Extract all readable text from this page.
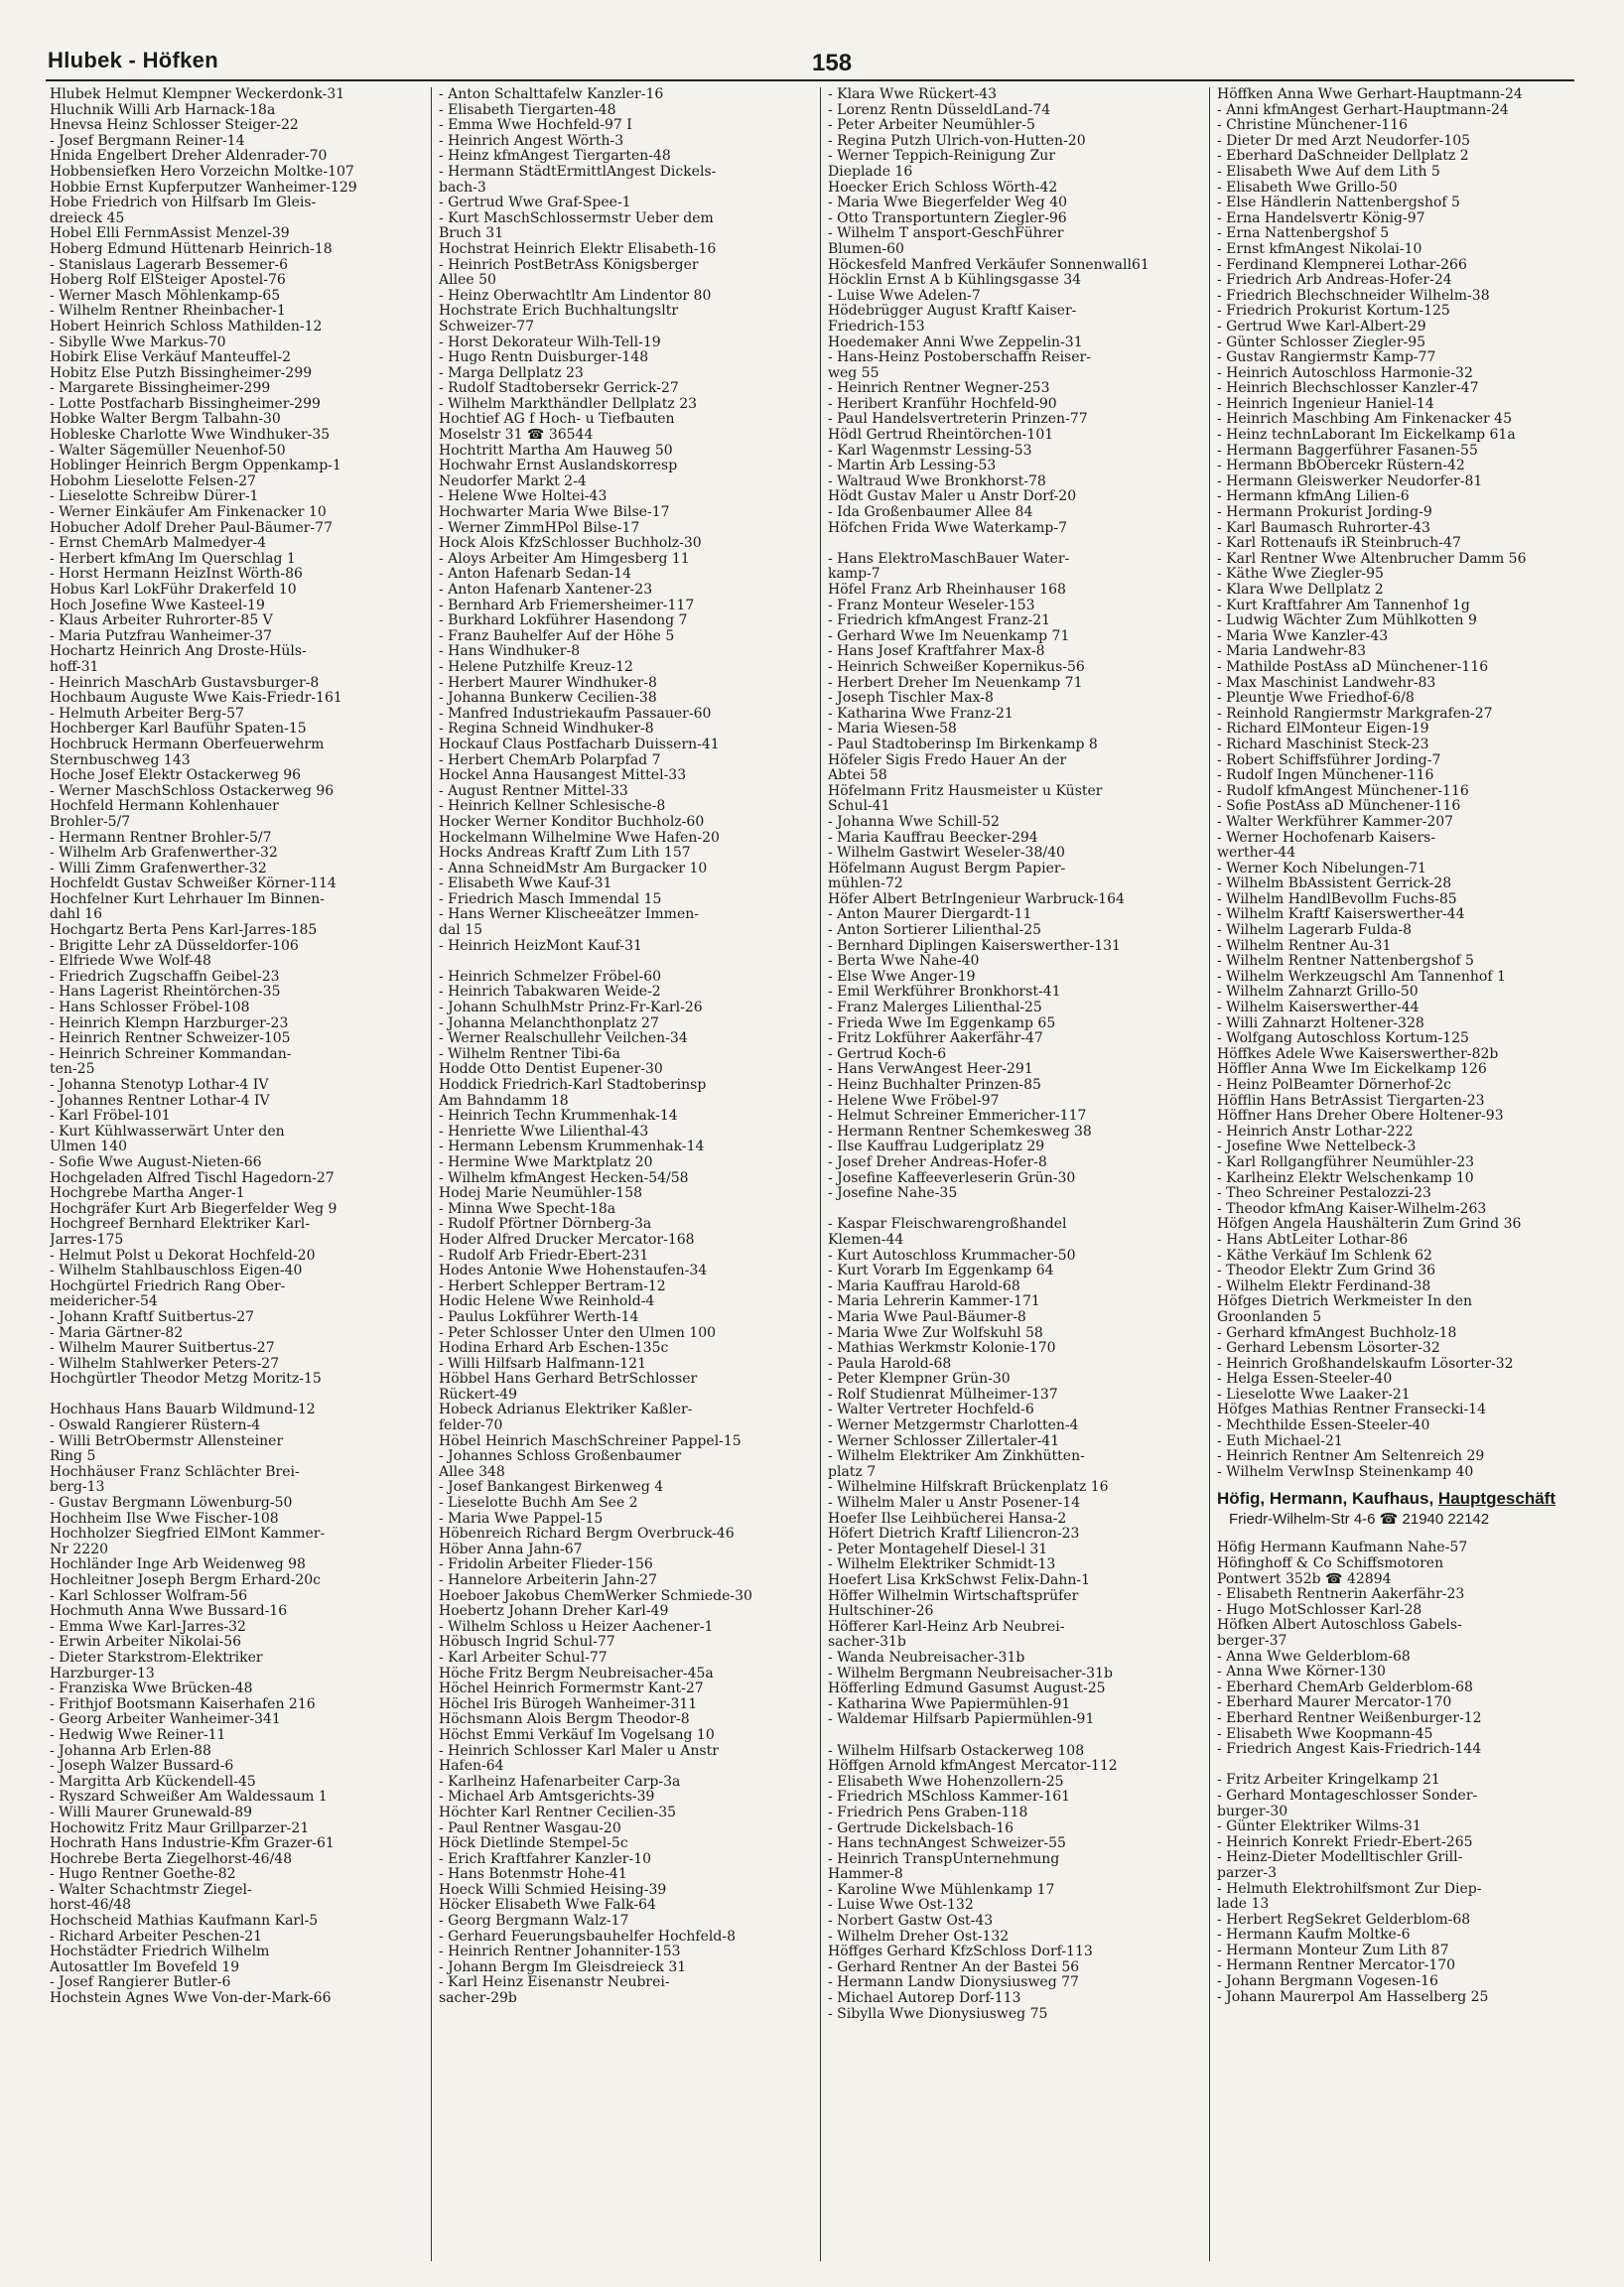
Hlubek - Höfken	158
Hlubek Helmut Klempner Weckerdonk-31
Hluchnik Willi Arb Harnack-18a
Hnevsa Heinz Schlosser Steiger-22
- Josef Bergmann Reiner-14
Hnida Engelbert Dreher Aldenrader-70
Hobbensiefken Hero Vorzeichn Moltke-107
Hobbie Ernst Kupferputzer Wanheimer-129
Hobe Friedrich von Hilfsarb Im Gleis-
dreieck 45
Hobel Elli FernmAssist Menzel-39
Hoberg Edmund Hüttenarb Heinrich-18
- Stanislaus Lagerarb Bessemer-6
Hoberg Rolf ElSteiger Apostel-76
- Werner Masch Möhlenkamp-65
- Wilhelm Rentner Rheinbacher-1
Hobert Heinrich Schloss Mathilden-12
- Sibylle Wwe Markus-70
Hobirk Elise Verkäuf Manteuffel-2
Hobitz Else Putzh Bissingheimer-299
- Margarete Bissingheimer-299
- Lotte Postfacharb Bissingheimer-299
Hobke Walter Bergm Talbahn-30
Hobleske Charlotte Wwe Windhuker-35
- Walter Sägemüller Neuenhof-50
Hoblinger Heinrich Bergm Oppenkamp-1
Hobohm Lieselotte Felsen-27
- Lieselotte Schreibw Dürer-1
- Werner Einkäufer Am Finkenacker 10
Hobucher Adolf Dreher Paul-Bäumer-77
- Ernst ChemArb Malmedyer-4
- Herbert kfmAng Im Querschlag 1
- Horst Hermann HeizInst Wörth-86
Hobus Karl LokFühr Drakerfeld 10
Hoch Josefine Wwe Kasteel-19
- Klaus Arbeiter Ruhrorter-85 V
- Maria Putzfrau Wanheimer-37
Hochartz Heinrich Ang Droste-Hüls-
hoff-31
- Heinrich MaschArb Gustavsburger-8
Hochbaum Auguste Wwe Kais-Friedr-161
- Helmuth Arbeiter Berg-57
Hochberger Karl Bauführ Spaten-15
Hochbruck Hermann Oberfeuerwehrm
Sternbuschweg 143
Hoche Josef Elektr Ostackerweg 96
- Werner MaschSchloss Ostackerweg 96
Hochfeld Hermann Kohlenhauer
Brohler-5/7
- Hermann Rentner Brohler-5/7
- Wilhelm Arb Grafenwerther-32
- Willi Zimm Grafenwerther-32
Hochfeldt Gustav Schweißer Körner-114
Hochfelner Kurt Lehrhauer Im Binnen-
dahl 16
Hochgartz Berta Pens Karl-Jarres-185
- Brigitte Lehr zA Düsseldorfer-106
- Elfriede Wwe Wolf-48
- Friedrich Zugschaffn Geibel-23
- Hans Lagerist Rheintörchen-35
- Hans Schlosser Fröbel-108
- Heinrich Klempn Harzburger-23
- Heinrich Rentner Schweizer-105
- Heinrich Schreiner Kommandan-
ten-25
- Johanna Stenotyp Lothar-4 IV
- Johannes Rentner Lothar-4 IV
- Karl Fröbel-101
- Kurt Kühlwasserwärt Unter den
Ulmen 140
- Sofie Wwe August-Nieten-66
Hochgeladen Alfred Tischl Hagedorn-27
Hochgrebe Martha Anger-1
Hochgräfer Kurt Arb Biegerfelder Weg 9
Hochgreef Bernhard Elektriker Karl-
Jarres-175
- Helmut Polst u Dekorat Hochfeld-20
- Wilhelm Stahlbauschloss Eigen-40
Hochgürtel Friedrich Rang Ober-
meiderichеr-54
- Johann Kraftf Suitbertus-27
- Maria Gärtner-82
- Wilhelm Maurer Suitbertus-27
- Wilhelm Stahlwerker Peters-27
Hochgürtler Theodor Metzg Moritz-15
Hochhaus Hans Bauarb Wildmund-12
- Oswald Rangierer Rüstern-4
- Willi BetrObermstr Allensteiner
Ring 5
Hochhäuser Franz Schlächter Brei-
berg-13
- Gustav Bergmann Löwenburg-50
Hochheim Ilse Wwe Fischer-108
Hochholzer Siegfried ElMont Kammer-
Nr 2220
Hochländer Inge Arb Weidenweg 98
Hochleitner Joseph Bergm Erhard-20c
- Karl Schlosser Wolfram-56
Hochmuth Anna Wwe Bussard-16
- Emma Wwe Karl-Jarres-32
- Erwin Arbeiter Nikolai-56
- Dieter Starkstrom-Elektriker
Harzburger-13
- Franziska Wwe Brücken-48
- Frithjof Bootsmann Kaiserhafen 216
- Georg Arbeiter Wanheimer-341
- Hedwig Wwe Reiner-11
- Johanna Arb Erlen-88
- Joseph Walzer Bussard-6
- Margitta Arb Kückendell-45
- Ryszard Schweißer Am Waldessaum 1
- Willi Maurer Grunewald-89
Hochowitz Fritz Maur Grillparzer-21
Hochrath Hans Industrie-Kfm Grazer-61
Hochrebe Berta Ziegelhorst-46/48
- Hugo Rentner Goethe-82
- Walter Schachtmstr Ziegel-
horst-46/48
Hochscheid Mathias Kaufmann Karl-5
- Richard Arbeiter Peschen-21
Hochstädter Friedrich Wilhelm
Autosattler Im Bovefeld 19
- Josef Rangierer Butler-6
Hochstein Agnes Wwe Von-der-Mark-66
- Anton Schalttafelw Kanzler-16
- Elisabeth Tiergarten-48
- Emma Wwe Hochfeld-97 I
- Heinrich Angest Wörth-3
- Heinz kfmAngest Tiergarten-48
- Hermann StädtErmittlAngest Dickels-
bach-3
- Gertrud Wwe Graf-Spee-1
- Kurt MaschSchlossermstr Ueber dem
Bruch 31
Hochstrat Heinrich Elektr Elisabeth-16
- Heinrich PostBetrAss Königsberger
Allee 50
- Heinz Oberwachtltr Am Lindentor 80
Hochstrate Erich Buchhaltungsltr
Schweizer-77
- Horst Dekorateur Wilh-Tell-19
- Hugo Rentn Duisburger-148
- Marga Dellplatz 23
- Rudolf Stadtobersekr Gerrick-27
- Wilhelm Markthändler Dellplatz 23
Hochtief AG f Hoch- u Tiefbauten
Moselstr 31 ☎ 36544
Hochtritt Martha Am Hauweg 50
Hochwahr Ernst Auslandskorresp
Neudorfer Markt 2-4
- Helene Wwe Holtei-43
Hochwarter Maria Wwe Bilse-17
- Werner ZimmHPol Bilse-17
Hock Alois KfzSchlosser Buchholz-30
- Aloys Arbeiter Am Himgesberg 11
- Anton Hafenarb Sedan-14
- Anton Hafenarb Xantener-23
- Bernhard Arb Friemersheimer-117
- Burkhard Lokführer Hasendong 7
- Franz Bauhelfer Auf der Höhe 5
- Hans Windhuker-8
- Helene Putzhilfe Kreuz-12
- Herbert Maurer Windhuker-8
- Johanna Bunkerw Cecilien-38
- Manfred Industriekaufm Passauer-60
- Regina Schneid Windhuker-8
Hockauf Claus Postfacharb Duissern-41
- Herbert ChemArb Polarpfad 7
Hockel Anna Hausangest Mittel-33
- August Rentner Mittel-33
- Heinrich Kellner Schlesische-8
Hocker Werner Konditor Buchholz-60
Hockelmann Wilhelmine Wwe Hafen-20
Hocks Andreas Kraftf Zum Lith 157
- Anna SchneidMstr Am Burgacker 10
- Elisabeth Wwe Kauf-31
- Friedrich Masch Immendal 15
- Hans Werner Klischeeätzer Immen-
dal 15
- Heinrich HeizMont Kauf-31
- Heinrich Schmelzer Fröbel-60
- Heinrich Tabakwaren Weide-2
- Johann SchulhMstr Prinz-Fr-Karl-26
- Johanna Melanchthonplatz 27
- Werner Realschullehr Veilchen-34
- Wilhelm Rentner Tibi-6a
Hodde Otto Dentist Eupener-30
Hoddick Friedrich-Karl Stadtoberinsp
Am Bahndamm 18
- Heinrich Techn Krummenhak-14
- Henriette Wwe Lilienthal-43
- Hermann Lebensm Krummenhak-14
- Hermine Wwe Marktplatz 20
- Wilhelm kfmAngest Hecken-54/58
Hodej Marie Neumühler-158
- Minna Wwe Specht-18a
- Rudolf Pförtner Dörnberg-3a
Hoder Alfred Drucker Mercator-168
- Rudolf Arb Friedr-Ebert-231
Hodes Antonie Wwe Hohenstaufen-34
- Herbert Schlepper Bertram-12
Hodic Helene Wwe Reinhold-4
- Paulus Lokführer Werth-14
- Peter Schlosser Unter den Ulmen 100
Hodina Erhard Arb Eschen-135c
- Willi Hilfsarb Halfmann-121
Höbbel Hans Gerhard BetrSchlosser
Rückert-49
Hobeck Adrianus Elektriker Kaßler-
felder-70
Höbel Heinrich MaschSchreiner Pappel-15
- Johannes Schloss Großenbaumer
Allee 348
- Josef Bankangest Birkenweg 4
- Lieselotte Buchh Am See 2
- Maria Wwe Pappel-15
Höbenreich Richard Bergm Overbruck-46
Höber Anna Jahn-67
- Fridolin Arbeiter Flieder-156
- Hannelore Arbeiterin Jahn-27
Hoeboer Jakobus ChemWerker Schmiede-30
Hoebertz Johann Dreher Karl-49
- Wilhelm Schloss u Heizer Aachener-1
Höbusch Ingrid Schul-77
- Karl Arbeiter Schul-77
Höche Fritz Bergm Neubreisacher-45a
Höchel Heinrich Formermstr Kant-27
Höchel Iris Bürogeh Wanheimer-311
Höchsmann Alois Bergm Theodor-8
Höchst Emmi Verkäuf Im Vogelsang 10
- Heinrich Schlosser Karl Maler u Anstr
Hafen-64
- Karlheinz Hafenarbeiter Carp-3a
- Michael Arb Amtsgerichts-39
Höchter Karl Rentner Cecilien-35
- Paul Rentner Wasgau-20
Höck Dietlinde Stempel-5c
- Erich Kraftfahrer Kanzler-10
- Hans Botenmstr Hohe-41
Hoeck Willi Schmied Heising-39
Höcker Elisabeth Wwe Falk-64
- Georg Bergmann Walz-17
- Gerhard Feuerungsbauhelfer Hochfeld-8
- Heinrich Rentner Johanniter-153
- Johann Bergm Im Gleisdreieck 31
- Karl Heinz Eisenanstr Neubrei-
sacher-29b
- Klara Wwe Rückert-43
- Lorenz Rentn DüsseldLand-74
- Peter Arbeiter Neumühler-5
- Regina Putzh Ulrich-von-Hutten-20
- Werner Teppich-Reinigung Zur
Dieplade 16
Hoecker Erich Schloss Wörth-42
- Maria Wwe Biegerfelder Weg 40
- Otto Transportuntern Ziegler-96
- Wilhelm T ansport-GeschFührer
Blumen-60
Höckesfeld Manfred Verkäufer Sonnenwall61
Höcklin Ernst A b Kühlingsgasse 34
- Luise Wwe Adelen-7
Hödebrügger August Kraftf Kaiser-
Friedrich-153
Hoedemaker Anni Wwe Zeppelin-31
- Hans-Heinz Postoberschaffn Reiser-
weg 55
- Heinrich Rentner Wegner-253
- Heribert Kranführ Hochfeld-90
- Paul Handelsvertreterin Prinzen-77
Hödl Gertrud Rheintörchen-101
- Karl Wagenmstr Lessing-53
- Martin Arb Lessing-53
- Waltraud Wwe Bronkhorst-78
Hödt Gustav Maler u Anstr Dorf-20
- Ida Großenbaumer Allee 84
Höfchen Frida Wwe Waterkamp-7
- Hans ElektroMaschBauer Water-
kamp-7
Höfel Franz Arb Rheinhauser 168
- Franz Monteur Weseler-153
- Friedrich kfmAngest Franz-21
- Gerhard Wwe Im Neuenkamp 71
- Hans Josef Kraftfahrer Max-8
- Heinrich Schweißer Kopernikus-56
- Herbert Dreher Im Neuenkamp 71
- Joseph Tischler Max-8
- Katharina Wwe Franz-21
- Maria Wiesen-58
- Paul Stadtoberinsp Im Birkenkamp 8
Höfeler Sigis Fredo Hauer An der
Abtei 58
Höfelmann Fritz Hausmeister u Küster
Schul-41
- Johanna Wwe Schill-52
- Maria Kauffrau Beecker-294
- Wilhelm Gastwirt Weseler-38/40
Höfelmann August Bergm Papier-
mühlen-72
Höfer Albert BetrIngenieur Warbruck-164
- Anton Maurer Diergardt-11
- Anton Sortierer Lilienthal-25
- Bernhard Diplingen Kaiserswerther-131
- Berta Wwe Nahe-40
- Else Wwe Anger-19
- Emil Werkführer Bronkhorst-41
- Franz Malerges Lilienthal-25
- Frieda Wwe Im Eggenkamp 65
- Fritz Lokführer Aakerfähr-47
- Gertrud Koch-6
- Hans VerwAngest Heer-291
- Heinz Buchhalter Prinzen-85
- Helene Wwe Fröbel-97
- Helmut Schreiner Emmericher-117
- Hermann Rentner Schemkesweg 38
- Ilse Kauffrau Ludgeriplatz 29
- Josef Dreher Andreas-Hofer-8
- Josefine Kaffeeverleserin Grün-30
- Josefine Nahe-35
- Kaspar Fleischwarengroßhandel
Klemen-44
- Kurt Autoschloss Krummacher-50
- Kurt Vorarb Im Eggenkamp 64
- Maria Kauffrau Harold-68
- Maria Lehrerin Kammer-171
- Maria Wwe Paul-Bäumer-8
- Maria Wwe Zur Wolfskuhl 58
- Mathias Werkmstr Kolonie-170
- Paula Harold-68
- Peter Klempner Grün-30
- Rolf Studienrat Mülheimer-137
- Walter Vertreter Hochfeld-6
- Werner Metzgermstr Charlotten-4
- Werner Schlosser Zillertaler-41
- Wilhelm Elektriker Am Zinkhütten-
platz 7
- Wilhelmine Hilfskraft Brückenplatz 16
- Wilhelm Maler u Anstr Posener-14
Hoefer Ilse Leihbücherei Hansa-2
Höfert Dietrich Kraftf Liliencron-23
- Peter Montagehelf Diesel-l 31
- Wilhelm Elektriker Schmidt-13
Hoefert Lisa KrkSchwst Felix-Dahn-1
Höffer Wilhelmin Wirtschaftsprüfer
Hultschiner-26
Höfferer Karl-Heinz Arb Neubrei-
sacher-31b
- Wanda Neubreisacher-31b
- Wilhelm Bergmann Neubreisacher-31b
Höfferling Edmund Gasumst August-25
- Katharina Wwe Papiermühlen-91
- Waldemar Hilfsarb Papiermühlen-91
- Wilhelm Hilfsarb Ostackerweg 108
Höffgen Arnold kfmAngest Mercator-112
- Elisabeth Wwe Hohenzollern-25
- Friedrich MSchloss Kammer-161
- Friedrich Pens Graben-118
- Gertrude Dickelsbach-16
- Hans technAngest Schweizer-55
- Heinrich TranspUnternehmung
Hammer-8
- Karoline Wwe Mühlenkamp 17
- Luise Wwe Ost-132
- Norbert Gastw Ost-43
- Wilhelm Dreher Ost-132
Höffges Gerhard KfzSchloss Dorf-113
- Gerhard Rentner An der Bastei 56
- Hermann Landw Dionysiusweg 77
- Michael Autorep Dorf-113
- Sibylla Wwe Dionysiusweg 75
Höffken Anna Wwe Gerhart-Hauptmann-24
- Anni kfmAngest Gerhart-Hauptmann-24
- Christine Münchener-116
- Dieter Dr med Arzt Neudorfer-105
- Eberhard DaSchneider Dellplatz 2
- Elisabeth Wwe Auf dem Lith 5
- Elisabeth Wwe Grillo-50
- Else Händlerin Nattenbergshof 5
- Erna Handelsvertr König-97
- Erna Nattenbergshof 5
- Ernst kfmAngest Nikolai-10
- Ferdinand Klempnerei Lothar-266
- Friedrich Arb Andreas-Hofer-24
- Friedrich Blechschneider Wilhelm-38
- Friedrich Prokurist Kortum-125
- Gertrud Wwe Karl-Albert-29
- Günter Schlosser Ziegler-95
- Gustav Rangiermstr Kamp-77
- Heinrich Autoschloss Harmonie-32
- Heinrich Blechschlosser Kanzler-47
- Heinrich Ingenieur Haniel-14
- Heinrich Maschbing Am Finkenacker 45
- Heinz technLaborant Im Eickelkamp 61a
- Hermann Baggerführer Fasanen-55
- Hermann BbOberсekr Rüstern-42
- Hermann Gleiswerker Neudorfer-81
- Hermann kfmAng Lilien-6
- Hermann Prokurist Jording-9
- Karl Baumasch Ruhrorter-43
- Karl Rottenaufs iR Steinbruch-47
- Karl Rentner Wwe Altenbrucher Damm 56
- Käthe Wwe Ziegler-95
- Klara Wwe Dellplatz 2
- Kurt Kraftfahrer Am Tannenhof 1g
- Ludwig Wächter Zum Mühlkotten 9
- Maria Wwe Kanzler-43
- Maria Landwehr-83
- Mathilde PostAss aD Münchener-116
- Max Maschinist Landwehr-83
- Pleuntje Wwe Friedhof-6/8
- Reinhold Rangiermstr Markgrafen-27
- Richard ElMonteur Eigen-19
- Richard Maschinist Steck-23
- Robert Schiffsführer Jording-7
- Rudolf Ingen Münchener-116
- Rudolf kfmAngest Münchener-116
- Sofie PostAss aD Münchener-116
- Walter Werkführer Kammer-207
- Werner Hochofenarb Kaisers-
werther-44
- Werner Koch Nibelungen-71
- Wilhelm BbAssistent Gerrick-28
- Wilhelm HandlBevollm Fuchs-85
- Wilhelm Kraftf Kaiserswerther-44
- Wilhelm Lagerarb Fulda-8
- Wilhelm Rentner Au-31
- Wilhelm Rentner Nattenbergshof 5
- Wilhelm Werkzeugschl Am Tannenhof 1
- Wilhelm Zahnarzt Grillo-50
- Wilhelm Kaiserswerther-44
- Willi Zahnarzt Holtener-328
- Wolfgang Autoschloss Kortum-125
Höffkes Adele Wwe Kaiserswerther-82b
Höffler Anna Wwe Im Eickelkamp 126
- Heinz PolBeamter Dörnerhof-2c
Höfflin Hans BetrAssist Tiergarten-23
Höffner Hans Dreher Obere Holtener-93
- Heinrich Anstr Lothar-222
- Josefine Wwe Nettelbeck-3
- Karl Rollgangführer Neumühler-23
- Karlheinz Elektr Welschenkamp 10
- Theo Schreiner Pestalozzi-23
- Theodor kfmAng Kaiser-Wilhelm-263
Höfgen Angela Haushälterin Zum Grind 36
- Hans AbtLeiter Lothar-86
- Käthe Verkäuf Im Schlenk 62
- Theodor Elektr Zum Grind 36
- Wilhelm Elektr Ferdinand-38
Höfges Dietrich Werkmeister In den
Groonlanden 5
- Gerhard kfmAngest Buchholz-18
- Gerhard Lebensm Lösorter-32
- Heinrich Großhandelskaufm Lösorter-32
- Helga Essen-Steeler-40
- Lieselotte Wwe Laaker-21
Höfges Mathias Rentner Fransecki-14
- Mechthilde Essen-Steeler-40
- Euth Michael-21
- Heinrich Rentner Am Seltenreich 29
- Wilhelm VerwInsp Steinenkamp 40
Höfig, Hermann, Kaufhaus, Hauptgeschäft
Friedr-Wilhelm-Str 4-6 ☎ 21940 22142
Höfig Hermann Kaufmann Nahe-57
Höfinghoff & Co Schiffsmotoren
Pontwert 352b ☎ 42894
- Elisabeth Rentnerin Aakerfähr-23
- Hugo MotSchlosser Karl-28
Höfken Albert Autoschloss Gabels-
berger-37
- Anna Wwe Gelderblom-68
- Anna Wwe Körner-130
- Eberhard ChemArb Gelderblom-68
- Eberhard Maurer Mercator-170
- Eberhard Rentner Weißenburger-12
- Elisabeth Wwe Koopmann-45
- Friedrich Angest Kais-Friedrich-144
- Fritz Arbeiter Kringelkamp 21
- Gerhard Montageschlosser Sonder-
burger-30
- Günter Elektriker Wilms-31
- Heinrich Konrekt Friedr-Ebert-265
- Heinz-Dieter Modelltischler Grill-
parzer-3
- Helmuth Elektrohilfsmont Zur Diep-
lade 13
- Herbert RegSekret Gelderblom-68
- Hermann Kaufm Moltke-6
- Hermann Monteur Zum Lith 87
- Hermann Rentner Mercator-170
- Johann Bergmann Vogesen-16
- Johann Maurerpol Am Hasselberg 25
